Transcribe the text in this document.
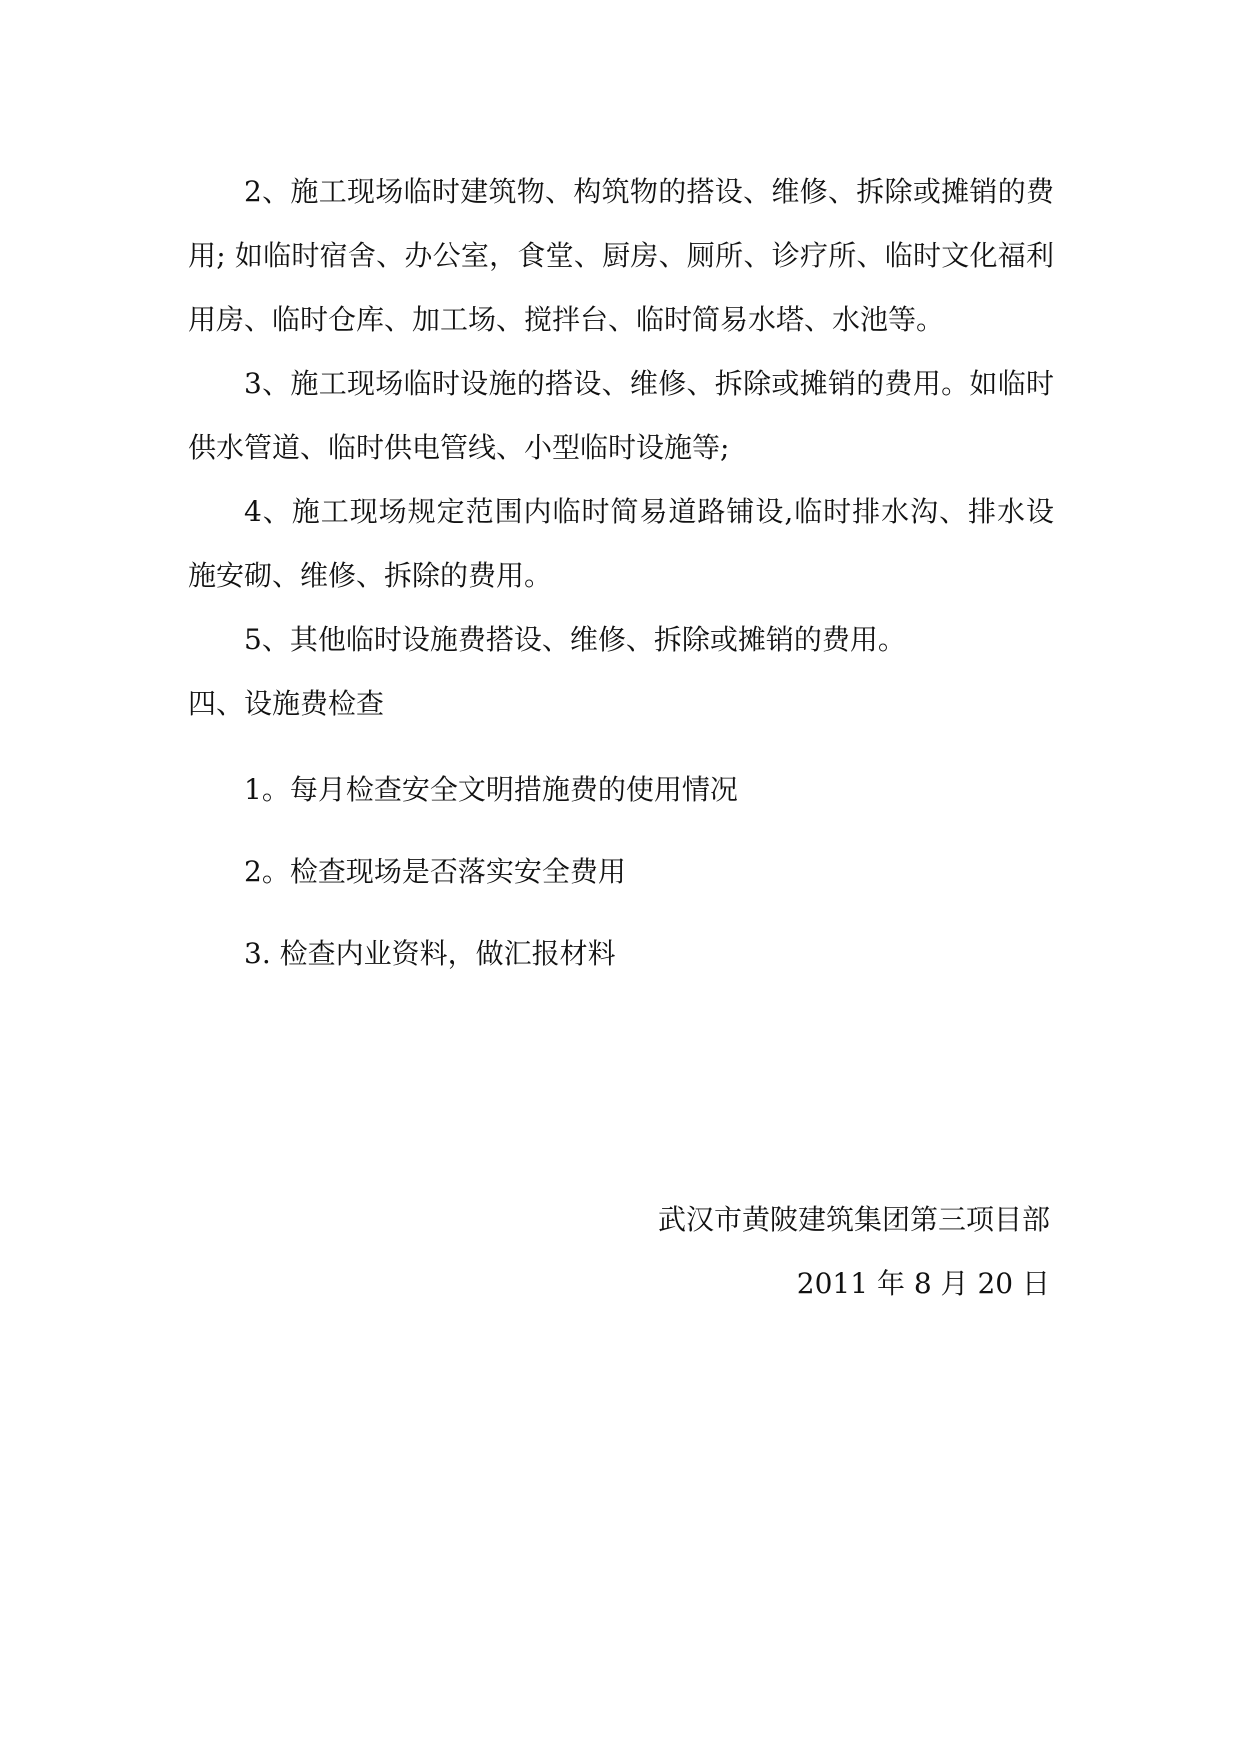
2、施工现场临时建筑物、构筑物的搭设、维修、拆除或摊销的费用; 如临时宿舍、办公室，食堂、厨房、厕所、诊疗所、临时文化福利用房、临时仓库、加工场、搅拌台、临时简易水塔、水池等。

3、施工现场临时设施的搭设、维修、拆除或摊销的费用。如临时供水管道、临时供电管线、小型临时设施等;

4、施工现场规定范围内临时简易道路铺设,临时排水沟、排水设施安砌、维修、拆除的费用。

5、其他临时设施费搭设、维修、拆除或摊销的费用。

四、设施费检查

1。每月检查安全文明措施费的使用情况

2。检查现场是否落实安全费用

3. 检查内业资料，做汇报材料

武汉市黄陂建筑集团第三项目部

2011 年 8 月 20 日
